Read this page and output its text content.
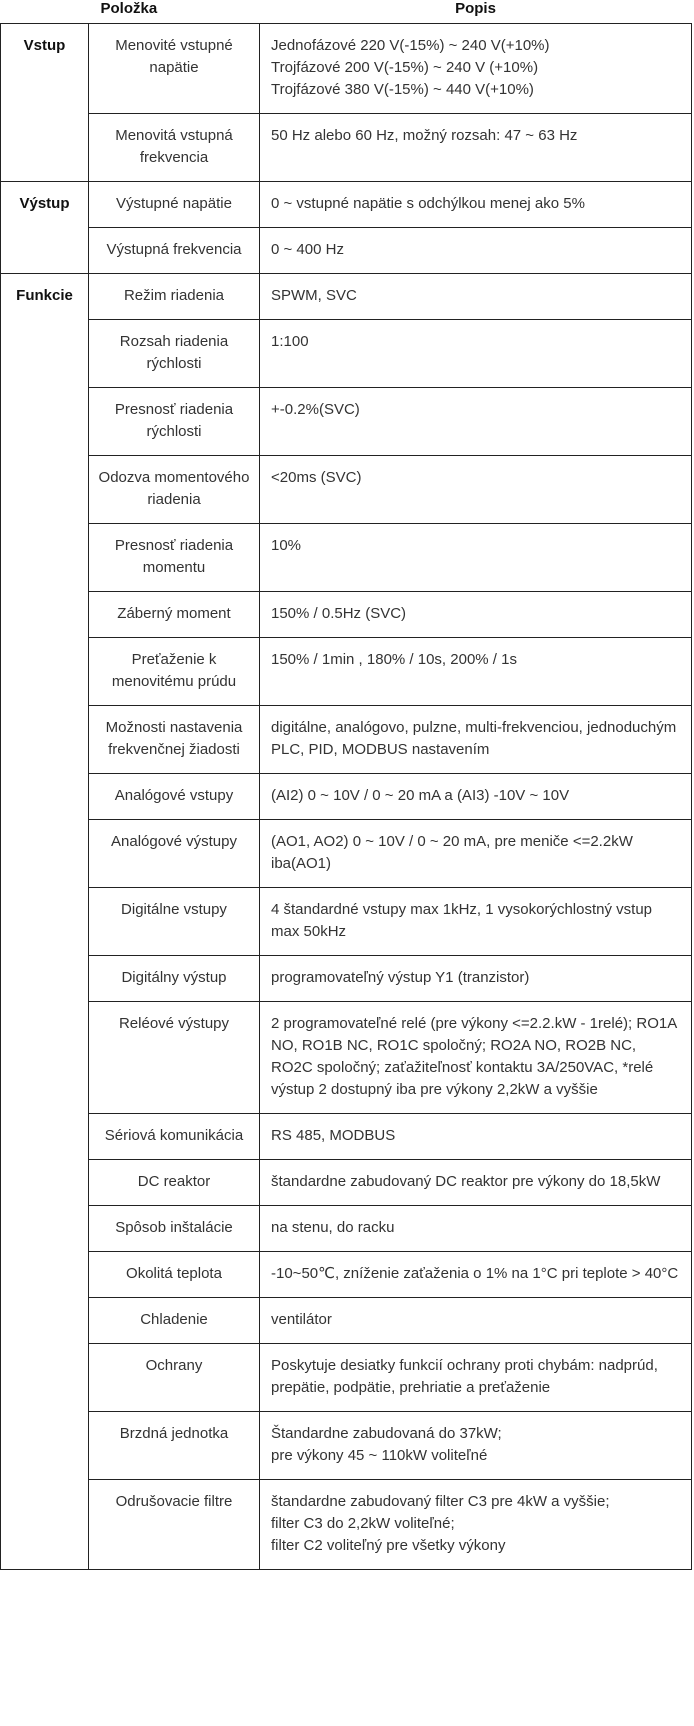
Položka		Popis
Vstup	Menovité vstupné napätie	Jednofázové 220 V(-15%) ~ 240 V(+10%)
Trojfázové 200 V(-15%) ~ 240 V (+10%)
Trojfázové 380 V(-15%) ~ 440 V(+10%)

	Menovitá vstupná frekvencia	50 Hz alebo 60 Hz, možný rozsah: 47 ~ 63 Hz

Výstup	Výstupné napätie	0 ~ vstupné napätie s odchýlkou menej ako 5%

	Výstupná frekvencia	0 ~ 400 Hz

Funkcie	Režim riadenia	SPWM, SVC

	Rozsah riadenia rýchlosti	1:100

	Presnosť riadenia rýchlosti	+-0.2%(SVC)

	Odozva momentového riadenia	<20ms (SVC)

	Presnosť riadenia momentu	10%

	Záberný moment	150% / 0.5Hz (SVC)

	Preťaženie k menovitému prúdu	150% / 1min , 180% / 10s, 200% / 1s

	Možnosti nastavenia frekvenčnej žiadosti	digitálne, analógovo, pulzne, multi-frekvenciou, jednoduchým PLC, PID, MODBUS nastavením

	Analógové vstupy	(AI2) 0 ~ 10V / 0 ~ 20 mA a (AI3) -10V ~ 10V

	Analógové výstupy	(AO1, AO2) 0 ~ 10V / 0 ~ 20 mA, pre meniče <=2.2kW iba(AO1)

	Digitálne vstupy	4 štandardné vstupy max 1kHz, 1 vysokorýchlostný vstup max 50kHz

	Digitálny výstup	programovateľný výstup Y1 (tranzistor)

	Reléové výstupy	2 programovateľné relé (pre výkony <=2.2.kW - 1relé); RO1A NO, RO1B NC, RO1C spoločný; RO2A NO, RO2B NC, RO2C spoločný; zaťažiteľnosť kontaktu 3A/250VAC, *relé výstup 2 dostupný iba pre výkony 2,2kW a vyššie

	Sériová komunikácia	RS 485, MODBUS

	DC reaktor	štandardne zabudovaný DC reaktor pre výkony do 18,5kW

	Spôsob inštalácie	na stenu, do racku

	Okolitá teplota	-10~50℃, zníženie zaťaženia o 1% na 1°C pri teplote > 40°C

	Chladenie	ventilátor

	Ochrany	Poskytuje desiatky funkcií ochrany proti chybám: nadprúd, prepätie, podpätie, prehriatie a preťaženie

	Brzdná jednotka	Štandardne zabudovaná do 37kW;
pre výkony 45 ~ 110kW voliteľné

	Odrušovacie filtre	štandardne zabudovaný filter C3 pre 4kW a vyššie;
filter C3 do 2,2kW voliteľné;
filter C2 voliteľný pre všetky výkony
